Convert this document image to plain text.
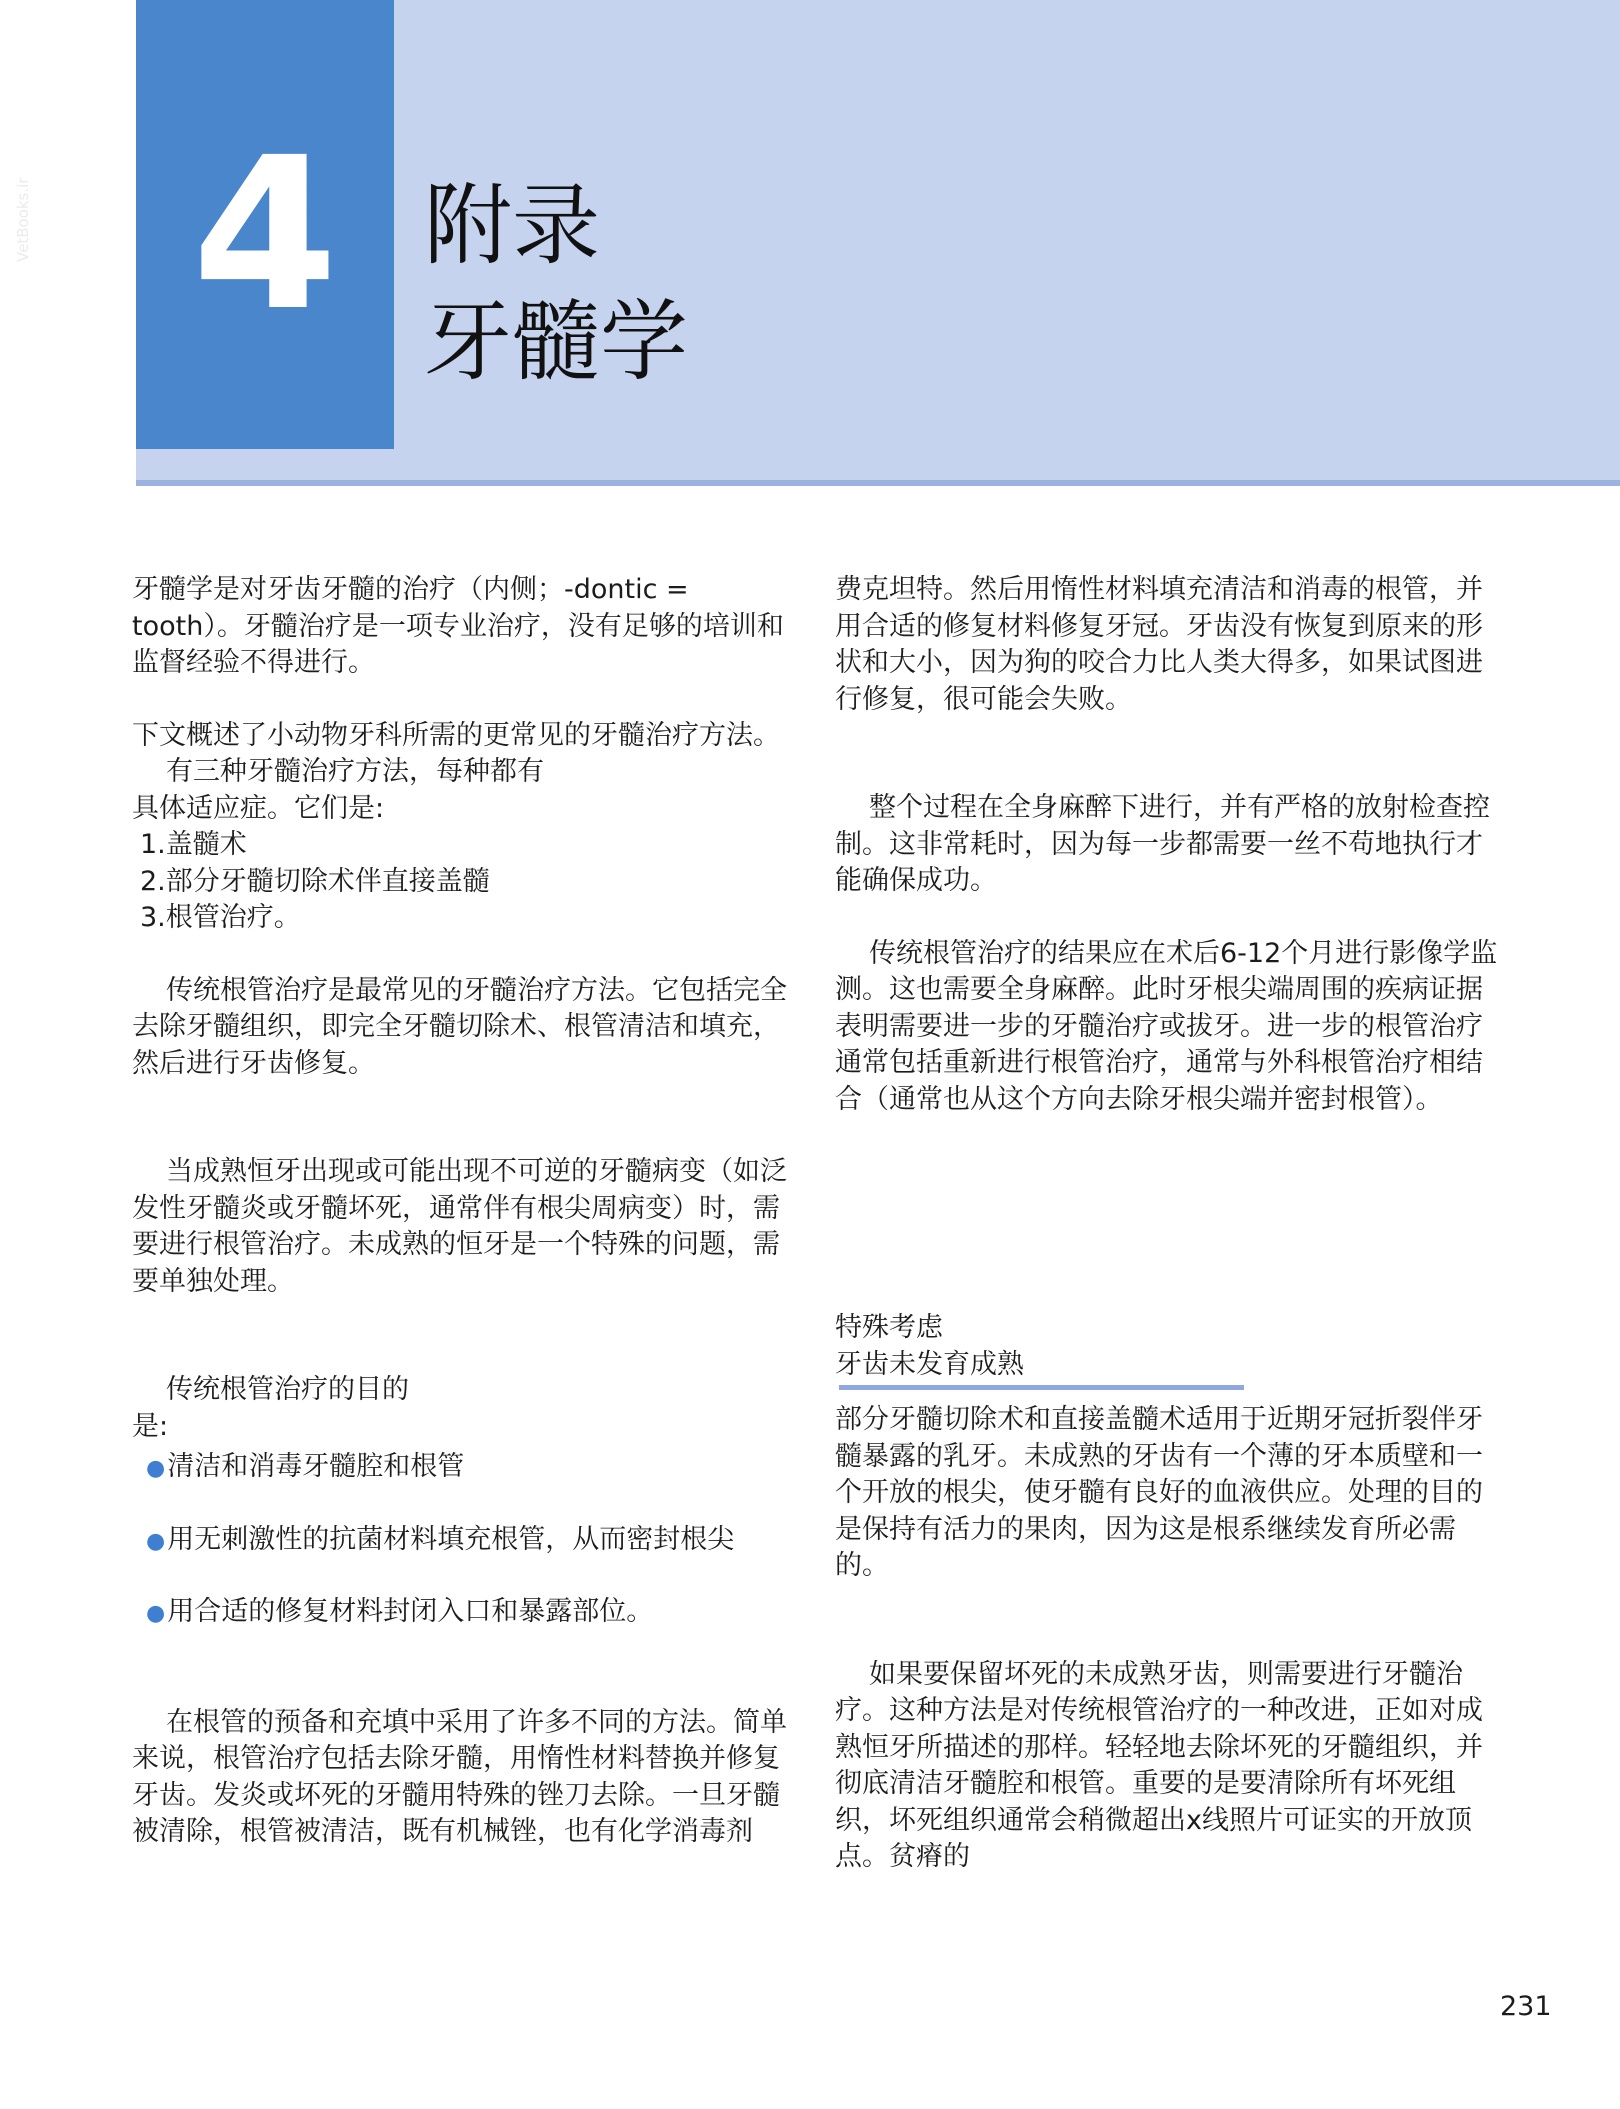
4 附录
牙髓学
VetBooks.ir

牙髓学是对牙齿牙髓的治疗（内侧；-dontic = tooth）。牙髓治疗是一项专业治疗，没有足够的培训和监督经验不得进行。

下文概述了小动物牙科所需的更常见的牙髓治疗方法。

有三种牙髓治疗方法，每种都有

具体适应症。它们是:

1.盖髓术

2.部分牙髓切除术伴直接盖髓

3.根管治疗。

传统根管治疗是最常见的牙髓治疗方法。它包括完全去除牙髓组织，即完全牙髓切除术、根管清洁和填充，然后进行牙齿修复。

当成熟恒牙出现或可能出现不可逆的牙髓病变（如泛发性牙髓炎或牙髓坏死，通常伴有根尖周病变）时，需要进行根管治疗。未成熟的恒牙是一个特殊的问题，需要单独处理。

传统根管治疗的目的

是:

●清洁和消毒牙髓腔和根管

●用无刺激性的抗菌材料填充根管，从而密封根尖

●用合适的修复材料封闭入口和暴露部位。

在根管的预备和充填中采用了许多不同的方法。简单来说，根管治疗包括去除牙髓，用惰性材料替换并修复牙齿。发炎或坏死的牙髓用特殊的锉刀去除。一旦牙髓被清除，根管被清洁，既有机械锉，也有化学消毒剂

费克坦特。然后用惰性材料填充清洁和消毒的根管，并用合适的修复材料修复牙冠。牙齿没有恢复到原来的形状和大小，因为狗的咬合力比人类大得多，如果试图进行修复，很可能会失败。

整个过程在全身麻醉下进行，并有严格的放射检查控制。这非常耗时，因为每一步都需要一丝不苟地执行才能确保成功。

传统根管治疗的结果应在术后6-12个月进行影像学监测。这也需要全身麻醉。此时牙根尖端周围的疾病证据表明需要进一步的牙髓治疗或拔牙。进一步的根管治疗通常包括重新进行根管治疗，通常与外科根管治疗相结合（通常也从这个方向去除牙根尖端并密封根管）。

特殊考虑

牙齿未发育成熟

部分牙髓切除术和直接盖髓术适用于近期牙冠折裂伴牙髓暴露的乳牙。未成熟的牙齿有一个薄的牙本质壁和一个开放的根尖，使牙髓有良好的血液供应。处理的目的是保持有活力的果肉，因为这是根系继续发育所必需的。

如果要保留坏死的未成熟牙齿，则需要进行牙髓治疗。这种方法是对传统根管治疗的一种改进，正如对成熟恒牙所描述的那样。轻轻地去除坏死的牙髓组织，并彻底清洁牙髓腔和根管。重要的是要清除所有坏死组织，坏死组织通常会稍微超出x线照片可证实的开放顶点。贫瘠的

231
